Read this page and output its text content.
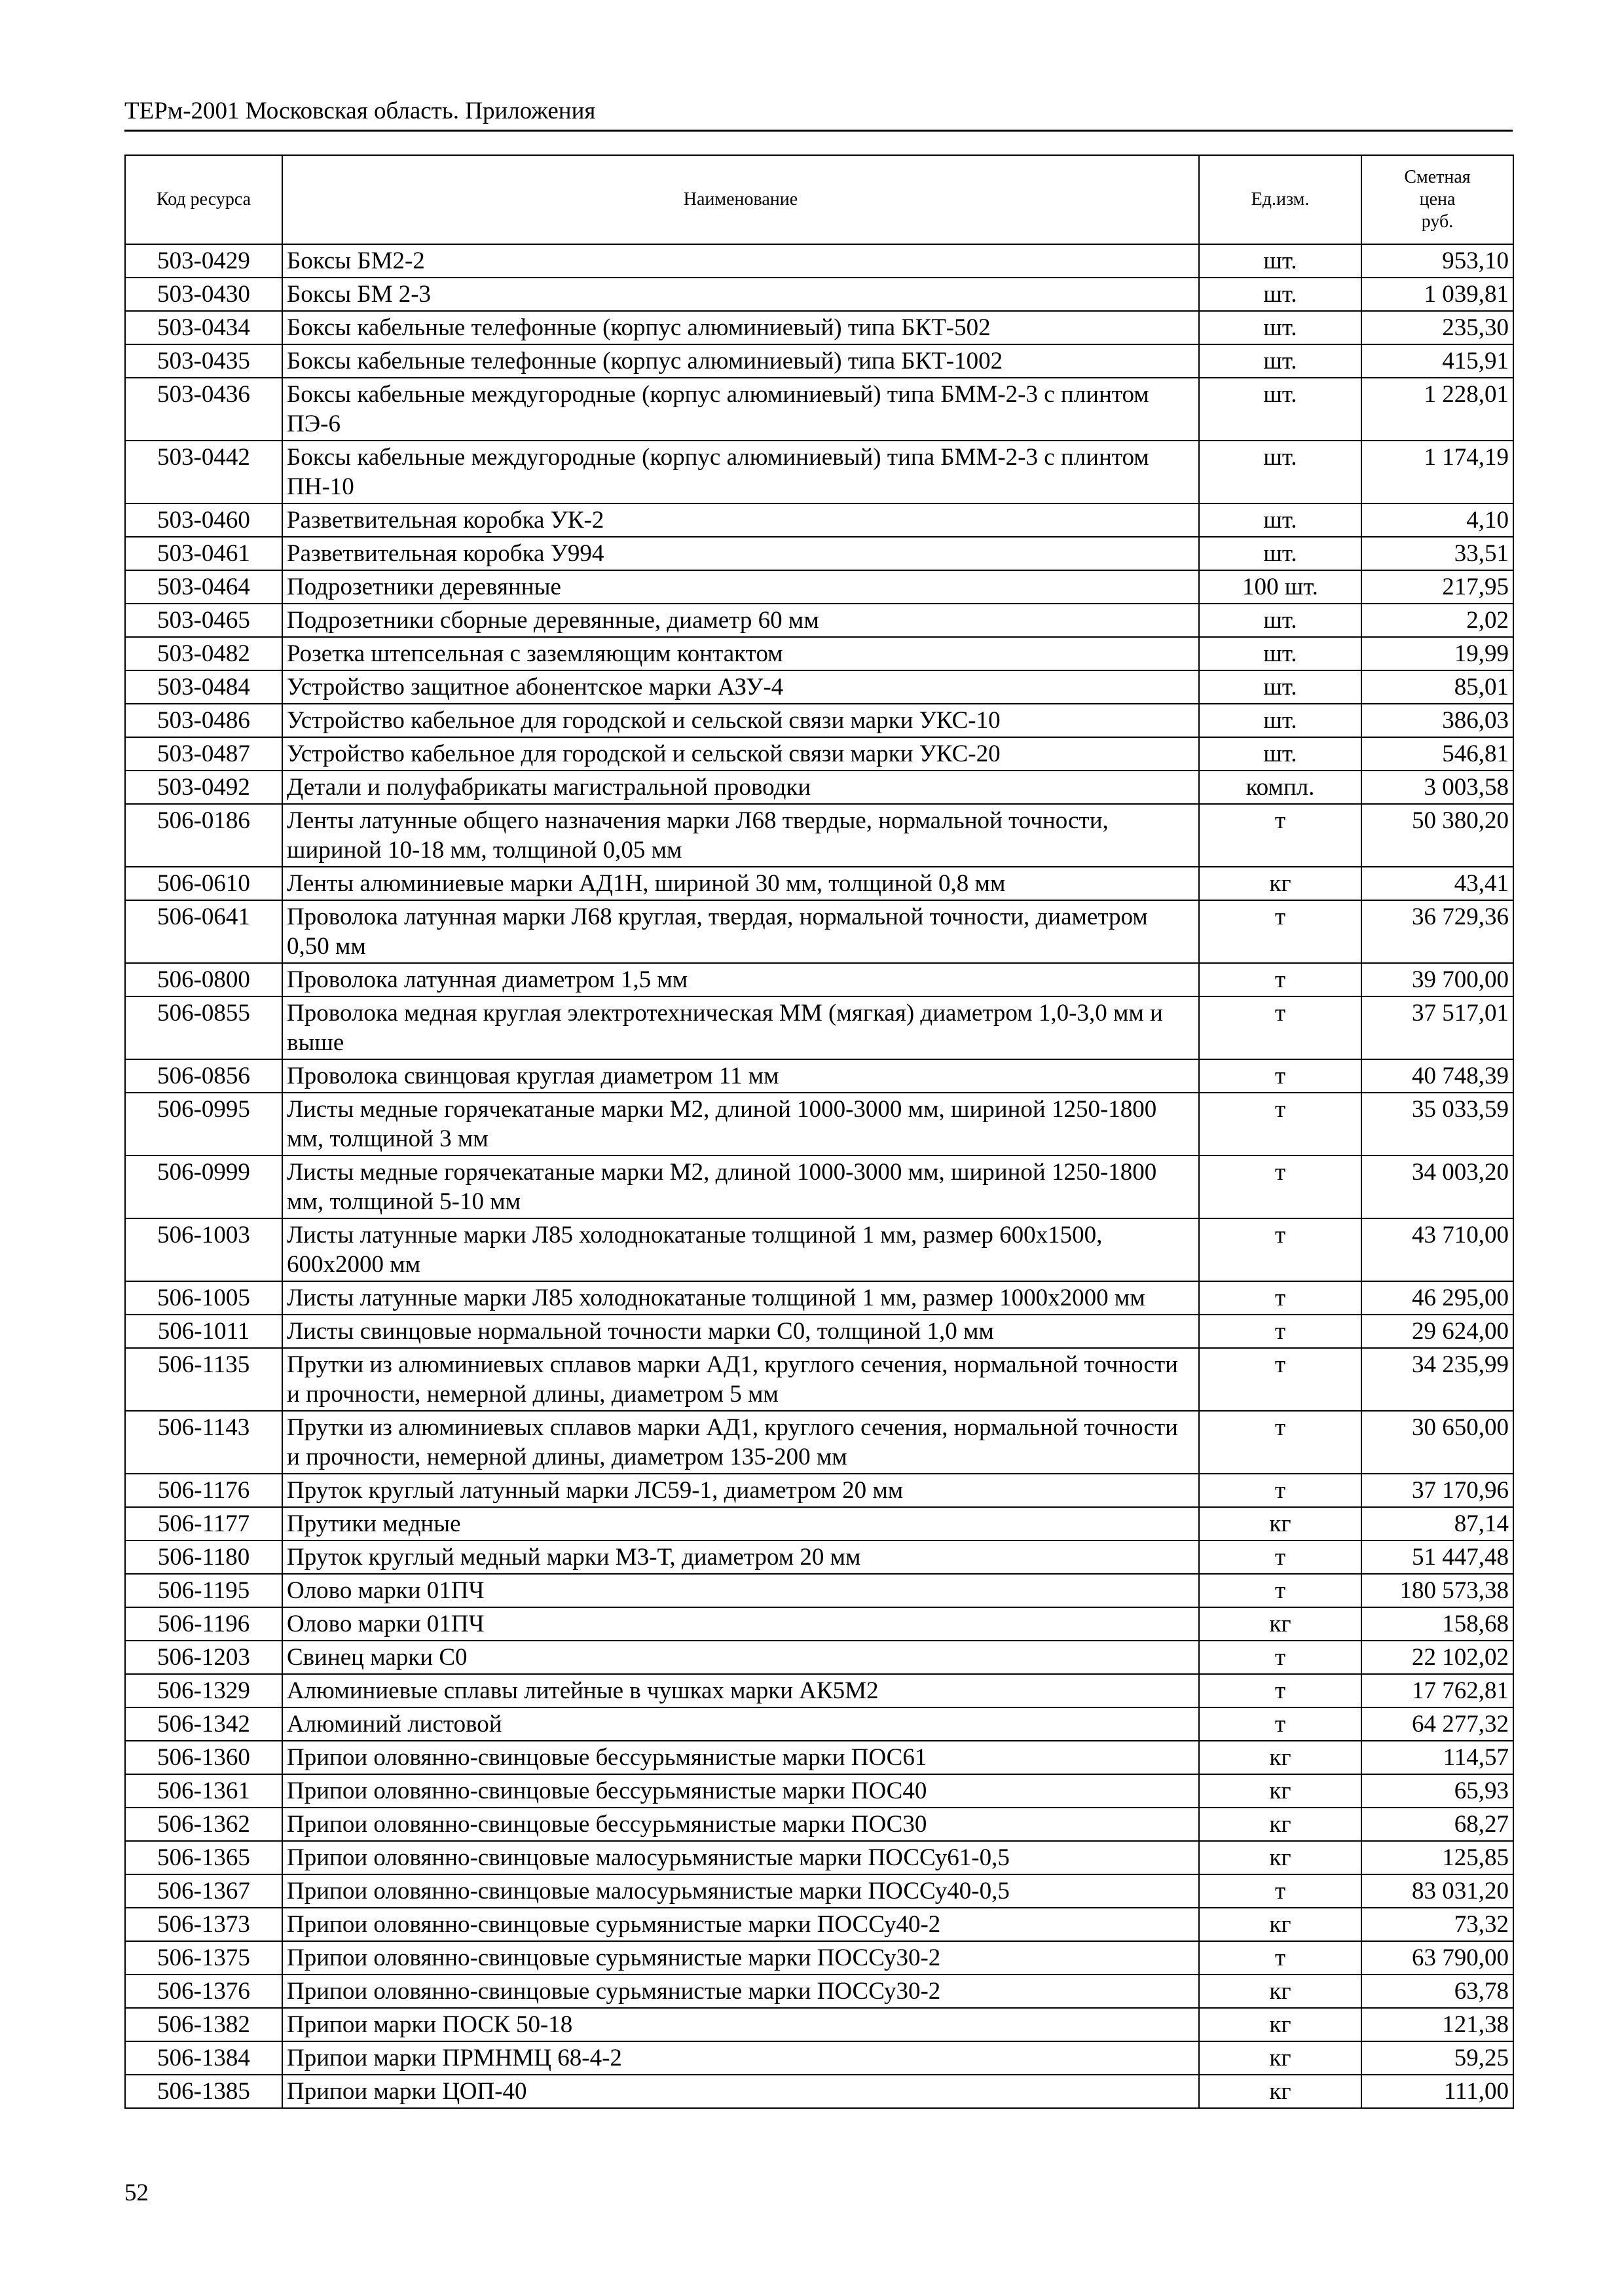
ТЕРм-2001 Московская область. Приложения
Код ресурса	Наименование	Ед.изм.	Сметная
цена
руб.

503-0429	Боксы БМ2-2	шт.	953,10
503-0430	Боксы БМ 2-3	шт.	1 039,81
503-0434	Боксы кабельные телефонные (корпус алюминиевый) типа БКТ-502	шт.	235,30
503-0435	Боксы кабельные телефонные (корпус алюминиевый) типа БКТ-1002	шт.	415,91
503-0436	Боксы кабельные междугородные (корпус алюминиевый) типа БММ-2-3 с плинтом ПЭ-6	шт.	1 228,01
503-0442	Боксы кабельные междугородные (корпус алюминиевый) типа БММ-2-3 с плинтом ПН-10	шт.	1 174,19
503-0460	Разветвительная коробка УК-2	шт.	4,10
503-0461	Разветвительная коробка У994	шт.	33,51
503-0464	Подрозетники деревянные	100 шт.	217,95
503-0465	Подрозетники сборные деревянные, диаметр 60 мм	шт.	2,02
503-0482	Розетка штепсельная с заземляющим контактом	шт.	19,99
503-0484	Устройство защитное абонентское марки АЗУ-4	шт.	85,01
503-0486	Устройство кабельное для городской и сельской связи марки УКС-10	шт.	386,03
503-0487	Устройство кабельное для городской и сельской связи марки УКС-20	шт.	546,81
503-0492	Детали и полуфабрикаты магистральной проводки	компл.	3 003,58
506-0186	Ленты латунные общего назначения марки Л68 твердые, нормальной точности, шириной 10-18 мм, толщиной 0,05 мм	т	50 380,20
506-0610	Ленты алюминиевые марки АД1Н, шириной 30 мм, толщиной 0,8 мм	кг	43,41
506-0641	Проволока латунная марки Л68 круглая, твердая, нормальной точности, диаметром 0,50 мм	т	36 729,36
506-0800	Проволока латунная диаметром 1,5 мм	т	39 700,00
506-0855	Проволока медная круглая электротехническая ММ (мягкая) диаметром 1,0-3,0 мм и выше	т	37 517,01
506-0856	Проволока свинцовая круглая диаметром 11 мм	т	40 748,39
506-0995	Листы медные горячекатаные марки М2, длиной 1000-3000 мм, шириной 1250-1800 мм, толщиной 3 мм	т	35 033,59
506-0999	Листы медные горячекатаные марки М2, длиной 1000-3000 мм, шириной 1250-1800 мм, толщиной 5-10 мм	т	34 003,20
506-1003	Листы латунные марки Л85 холоднокатаные толщиной 1 мм, размер 600х1500, 600х2000 мм	т	43 710,00
506-1005	Листы латунные марки Л85 холоднокатаные толщиной 1 мм, размер 1000х2000 мм	т	46 295,00
506-1011	Листы свинцовые нормальной точности марки С0, толщиной 1,0 мм	т	29 624,00
506-1135	Прутки из алюминиевых сплавов марки АД1, круглого сечения, нормальной точности и прочности, немерной длины, диаметром 5 мм	т	34 235,99
506-1143	Прутки из алюминиевых сплавов марки АД1, круглого сечения, нормальной точности и прочности, немерной длины, диаметром 135-200 мм	т	30 650,00
506-1176	Пруток круглый латунный марки ЛС59-1, диаметром 20 мм	т	37 170,96
506-1177	Прутики медные	кг	87,14
506-1180	Пруток круглый медный марки М3-Т, диаметром 20 мм	т	51 447,48
506-1195	Олово марки 01ПЧ	т	180 573,38
506-1196	Олово марки 01ПЧ	кг	158,68
506-1203	Свинец марки С0	т	22 102,02
506-1329	Алюминиевые сплавы литейные в чушках марки АК5М2	т	17 762,81
506-1342	Алюминий листовой	т	64 277,32
506-1360	Припои оловянно-свинцовые бессурьмянистые марки ПОС61	кг	114,57
506-1361	Припои оловянно-свинцовые бессурьмянистые марки ПОС40	кг	65,93
506-1362	Припои оловянно-свинцовые бессурьмянистые марки ПОС30	кг	68,27
506-1365	Припои оловянно-свинцовые малосурьмянистые марки ПОССу61-0,5	кг	125,85
506-1367	Припои оловянно-свинцовые малосурьмянистые марки ПОССу40-0,5	т	83 031,20
506-1373	Припои оловянно-свинцовые сурьмянистые марки ПОССу40-2	кг	73,32
506-1375	Припои оловянно-свинцовые сурьмянистые марки ПОССу30-2	т	63 790,00
506-1376	Припои оловянно-свинцовые сурьмянистые марки ПОССу30-2	кг	63,78
506-1382	Припои марки ПОСК 50-18	кг	121,38
506-1384	Припои марки ПРМНМЦ 68-4-2	кг	59,25
506-1385	Припои марки ЦОП-40	кг	111,00
52
